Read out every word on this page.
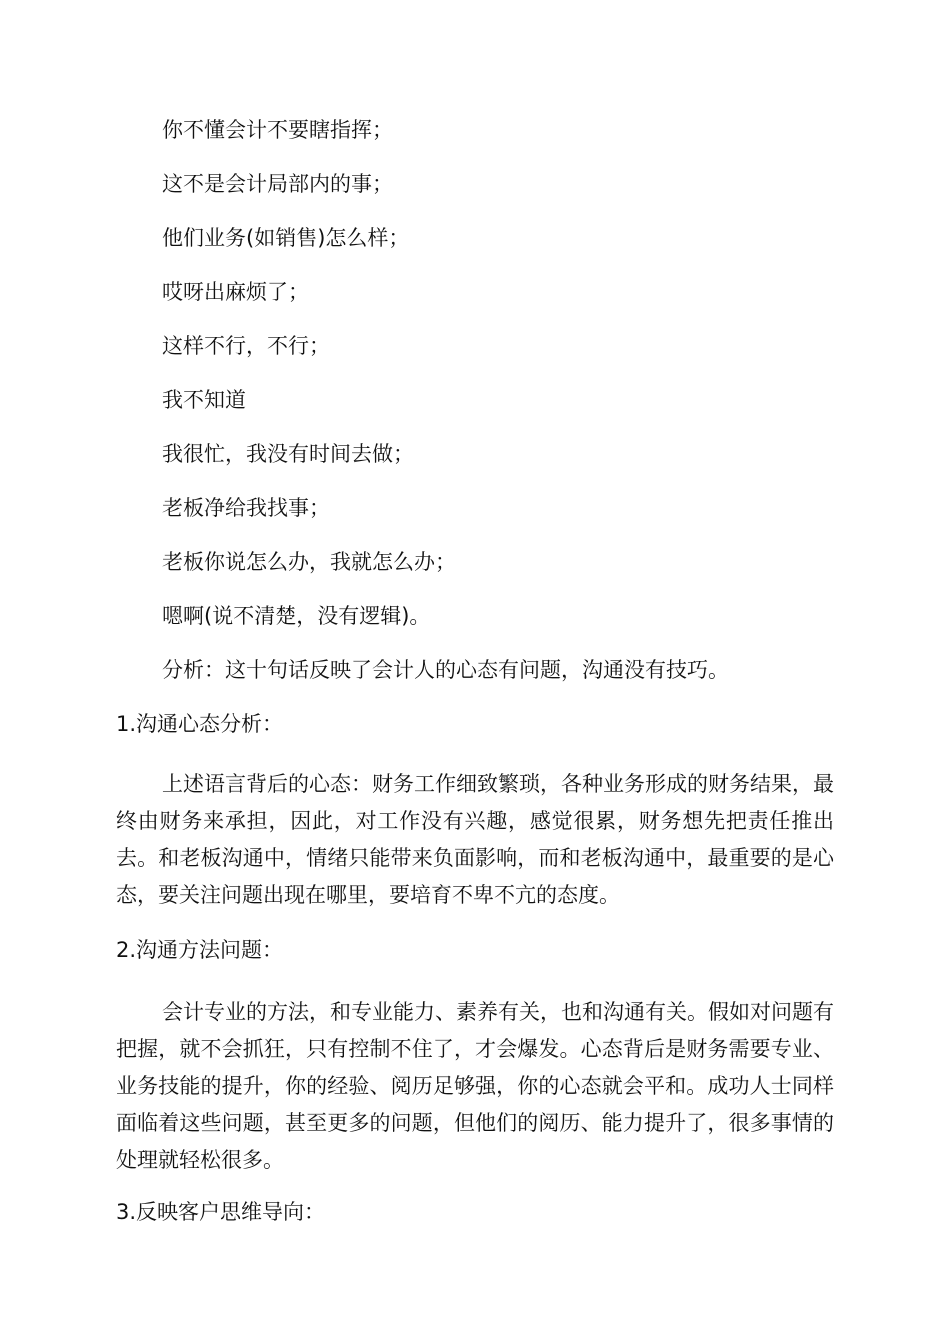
你不懂会计不要瞎指挥；

这不是会计局部内的事；

他们业务(如销售)怎么样；

哎呀出麻烦了；

这样不行，不行；

我不知道

我很忙，我没有时间去做；

老板净给我找事；

老板你说怎么办，我就怎么办；

嗯啊(说不清楚，没有逻辑)。

分析：这十句话反映了会计人的心态有问题，沟通没有技巧。

1.沟通心态分析：

上述语言背后的心态：财务工作细致繁琐，各种业务形成的财务结果，最终由财务来承担，因此，对工作没有兴趣，感觉很累，财务想先把责任推出去。和老板沟通中，情绪只能带来负面影响，而和老板沟通中，最重要的是心态，要关注问题出现在哪里，要培育不卑不亢的态度。

2.沟通方法问题：

会计专业的方法，和专业能力、素养有关，也和沟通有关。假如对问题有把握，就不会抓狂，只有控制不住了，才会爆发。心态背后是财务需要专业、业务技能的提升，你的经验、阅历足够强，你的心态就会平和。成功人士同样面临着这些问题，甚至更多的问题，但他们的阅历、能力提升了，很多事情的处理就轻松很多。

3.反映客户思维导向：
